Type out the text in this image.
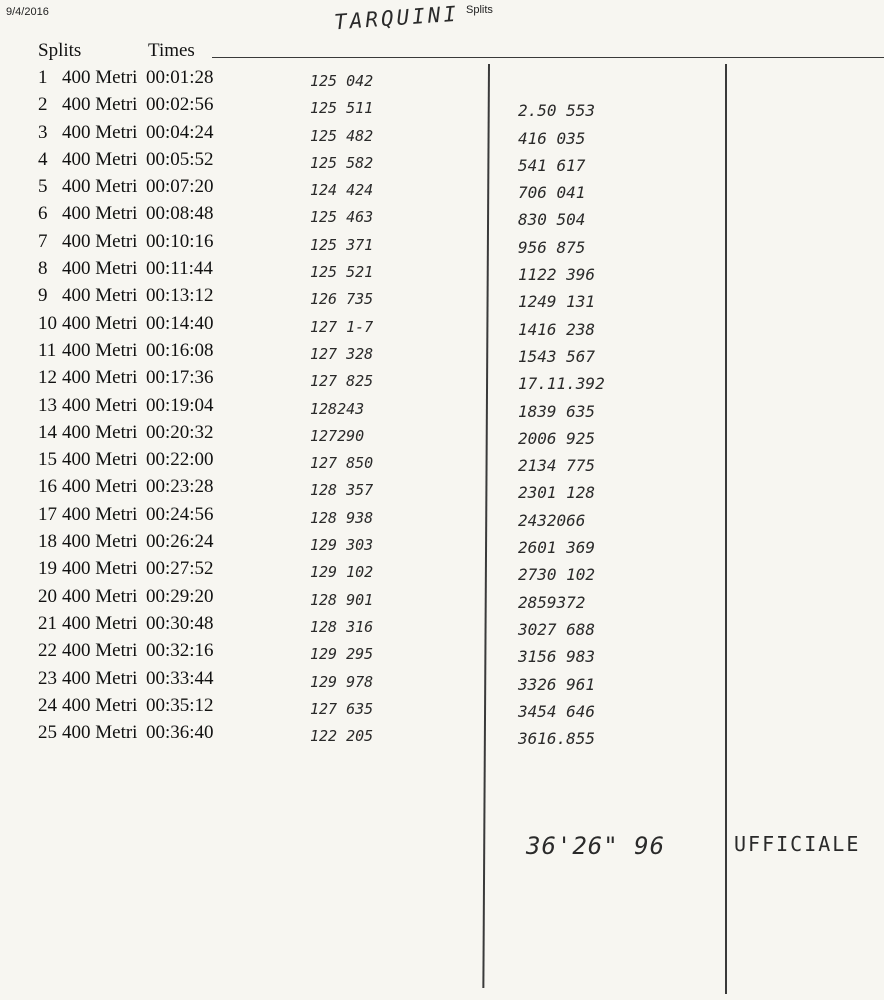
9/4/2016	Splits
TARQUINI
Splits	Times
1 400 Metri 00:01:28	125 042
2 400 Metri 00:02:56	125 511	2.50 553
3 400 Metri 00:04:24	125 482	416 035
4 400 Metri 00:05:52	125 582	541 617
5 400 Metri 00:07:20	124 424	706 041
6 400 Metri 00:08:48	125 463	830 504
7 400 Metri 00:10:16	125 371	956 875
8 400 Metri 00:11:44	125 521	1122 396
9 400 Metri 00:13:12	126 735	1249 131
10 400 Metri 00:14:40	127 1-7	1416 238
11 400 Metri 00:16:08	127 328	1543 567
12 400 Metri 00:17:36	127 825	17.11.392
13 400 Metri 00:19:04	128243	1839 635
14 400 Metri 00:20:32	127290	2006 925
15 400 Metri 00:22:00	127 850	2134 775
16 400 Metri 00:23:28	128 357	2301 128
17 400 Metri 00:24:56	128 938	2432066
18 400 Metri 00:26:24	129 303	2601 369
19 400 Metri 00:27:52	129 102	2730 102
20 400 Metri 00:29:20	128 901	2859372
21 400 Metri 00:30:48	128 316	3027 688
22 400 Metri 00:32:16	129 295	3156 983
23 400 Metri 00:33:44	129 978	3326 961
24 400 Metri 00:35:12	127 635	3454 646
25 400 Metri 00:36:40	122 205	3616.855
36'26" 96	UFFICIALE
